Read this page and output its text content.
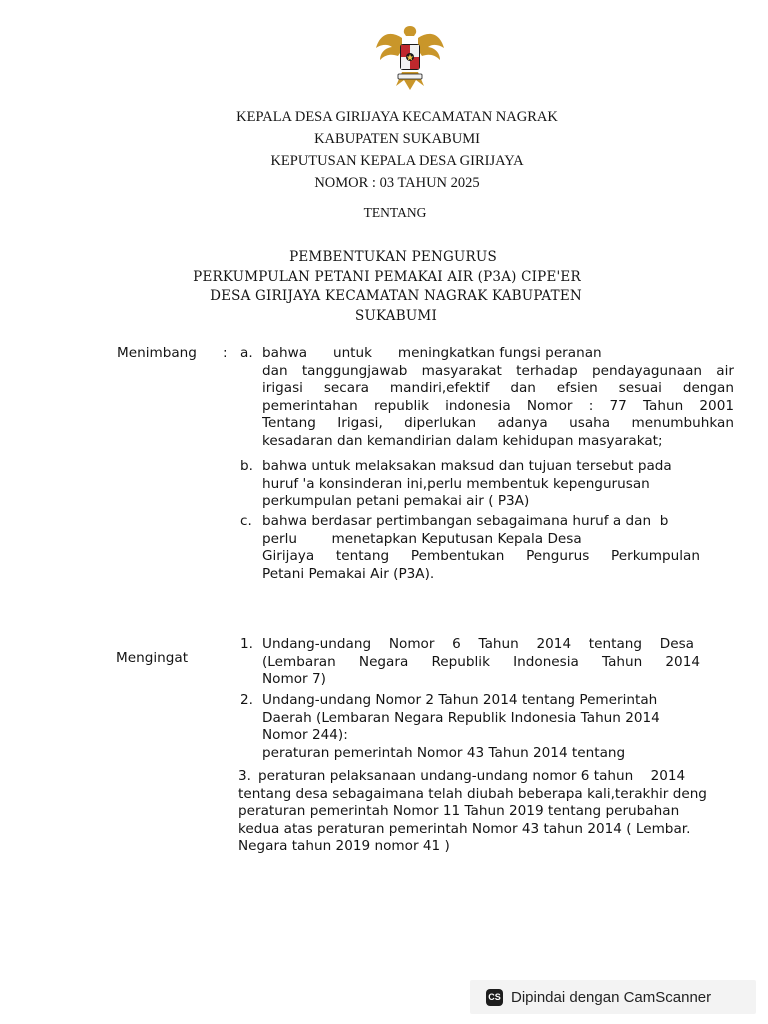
KEPALA DESA GIRIJAYA KECAMATAN NAGRAK
KABUPATEN SUKABUMI
KEPUTUSAN KEPALA DESA GIRIJAYA
NOMOR : 03 TAHUN 2025
TENTANG
PEMBENTUKAN PENGURUS
PERKUMPULAN PETANI PEMAKAI AIR (P3A) CIPE'ER
DESA GIRIJAYA KECAMATAN NAGRAK KABUPATEN
SUKABUMI
Menimbang : a.
b.
c.
bahwa      untuk      meningkatkan fungsi peranan
dan tanggungjawab masyarakat terhadap pendayagunaan air
irigasi secara mandiri,efektif dan efsien sesuai dengan
pemerintahan republik indonesia Nomor : 77 Tahun 2001
Tentang Irigasi, diperlukan adanya usaha menumbuhkan
kesadaran dan kemandirian dalam kehidupan masyarakat;
bahwa untuk melaksakan maksud dan tujuan tersebut pada
huruf 'a konsinderan ini,perlu membentuk kepengurusan
perkumpulan petani pemakai air ( P3A)
bahwa berdasar pertimbangan sebagaimana huruf a dan  b
perlu        menetapkan Keputusan Kepala Desa
Girijaya tentang Pembentukan Pengurus Perkumpulan
Petani Pemakai Air (P3A).
Mengingat
1.
2.
3.
Undang-undang Nomor 6 Tahun 2014 tentang Desa
(Lembaran Negara Republik Indonesia Tahun 2014
Nomor 7)
Undang-undang Nomor 2 Tahun 2014 tentang Pemerintah
Daerah (Lembaran Negara Republik Indonesia Tahun 2014
Nomor 244):
peraturan pemerintah Nomor 43 Tahun 2014 tentang
peraturan pelaksanaan undang-undang nomor 6 tahun    2014
tentang desa sebagaimana telah diubah beberapa kali,terakhir deng
peraturan pemerintah Nomor 11 Tahun 2019 tentang perubahan
kedua atas peraturan pemerintah Nomor 43 tahun 2014 ( Lembar.
Negara tahun 2019 nomor 41 )
CS Dipindai dengan CamScanner
